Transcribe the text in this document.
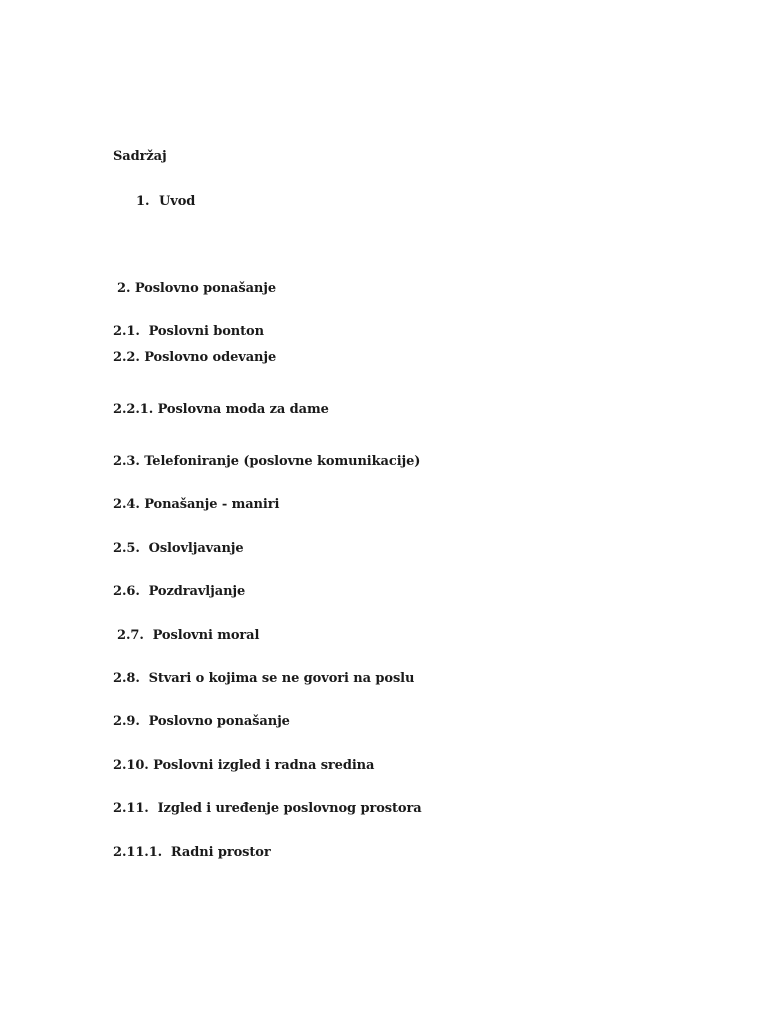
Sadržaj
1. Uvod
2. Poslovno ponašanje
2.1. Poslovni bonton
2.2. Poslovno odevanje
2.2.1. Poslovna moda za dame
2.3. Telefoniranje (poslovne komunikacije)
2.4. Ponašanje - maniri
2.5. Oslovljavanje
2.6. Pozdravljanje
2.7. Poslovni moral
2.8. Stvari o kojima se ne govori na poslu
2.9. Poslovno ponašanje
2.10. Poslovni izgled i radna sredina
2.11. Izgled i uređenje poslovnog prostora
2.11.1. Radni prostor
